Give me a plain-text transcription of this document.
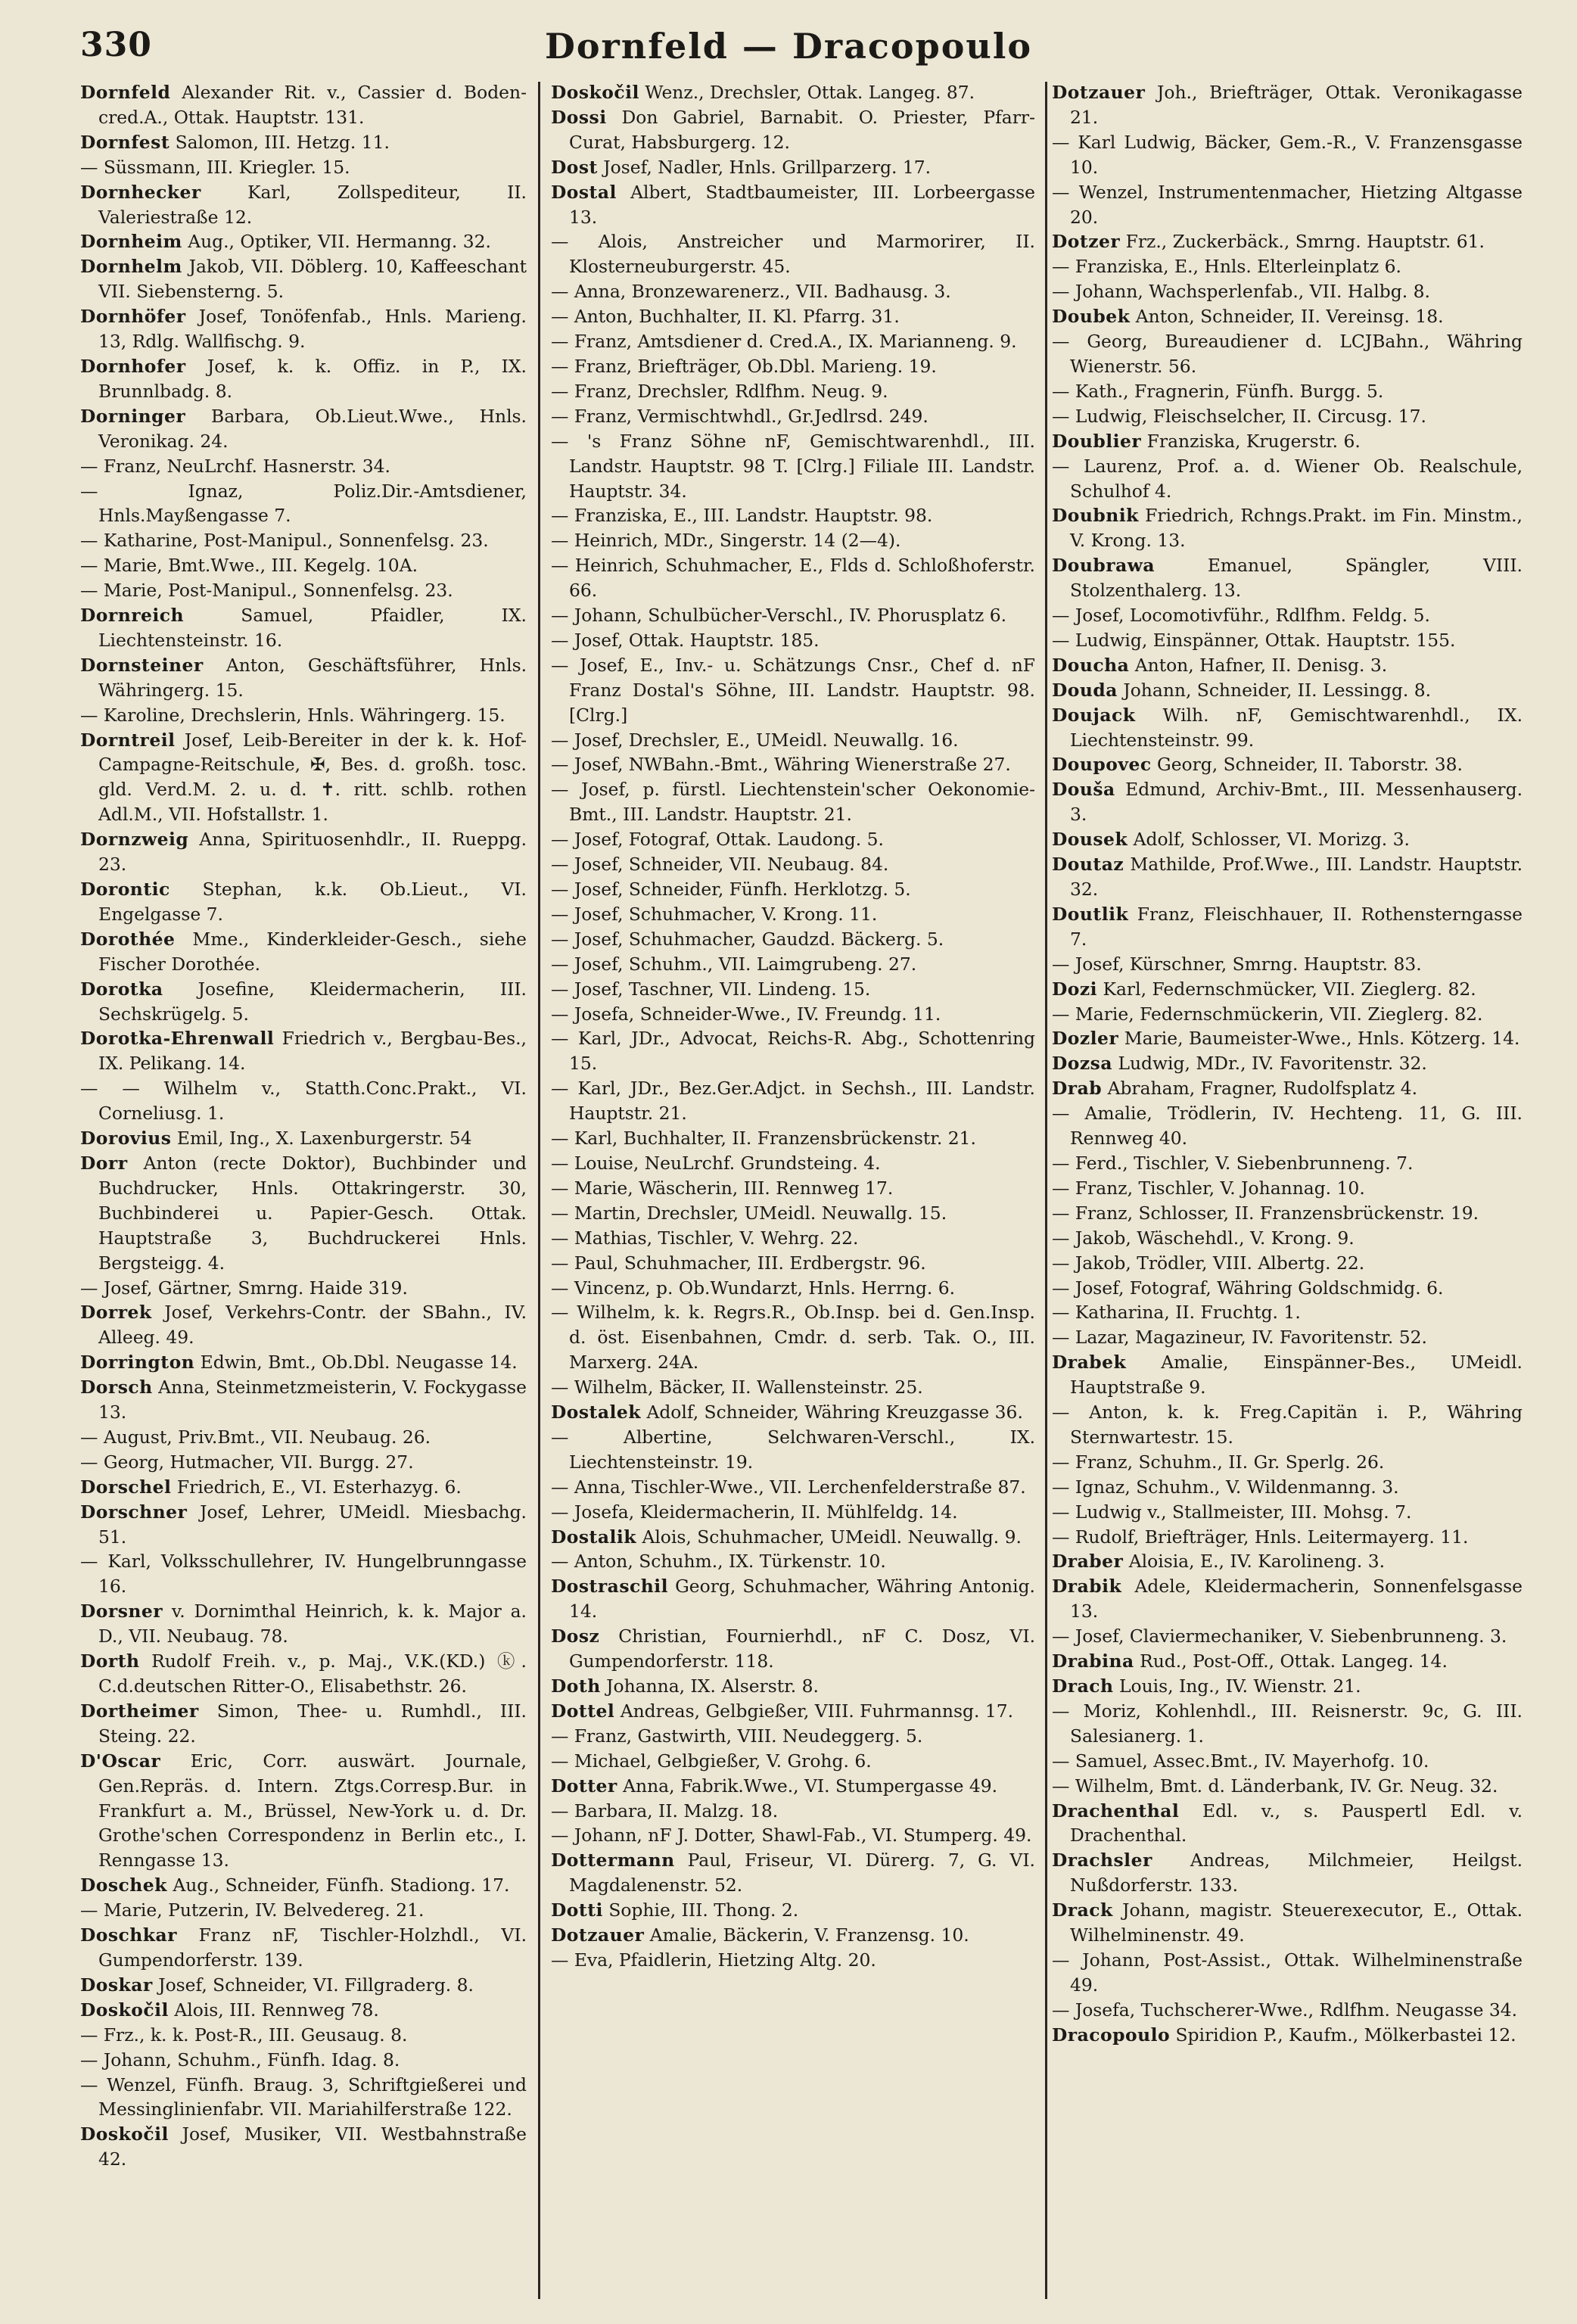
330	Dornfeld — Dracopoulo

Dornfeld Alexander Rit. v., Cassier d. Boden-cred.A., Ottak. Hauptstr. 131.

Dornfest Salomon, III. Hetzg. 11.

— Süssmann, III. Kriegler. 15.

Dornhecker	Karl, Zollspediteur, II. Valeriestraße 12.

Dornheim Aug., Optiker, VII. Hermanng. 32.

Dornhelm Jakob, VII. Döblerg. 10, Kaffeeschant VII. Siebensterng. 5.

Dornhöfer Josef, Tonöfenfab., Hnls. Marieng. 13, Rdlg. Wallfischg. 9.

Dornhofer Josef, k. k. Offiz. in P., IX. Brunnlbadg. 8.

Dorninger Barbara, Ob.Lieut.Wwe., Hnls. Veronikag. 24.

— Franz, NeuLrchf. Hasnerstr. 34.

— Ignaz, Poliz.Dir.-Amtsdiener, Hnls.Mayßengasse 7.

— Katharine, Post-Manipul., Sonnenfelsg. 23.

— Marie, Bmt.Wwe., III. Kegelg. 10A.

— Marie, Post-Manipul., Sonnenfelsg. 23.

Dornreich	Samuel, Pfaidler, IX. Liechtensteinstr. 16.

Dornsteiner Anton, Geschäftsführer, Hnls. Währingerg. 15.

— Karoline, Drechslerin, Hnls. Währingerg. 15.

Dorntreil Josef, Leib-Bereiter in der k. k. Hof-Campagne-Reitschule, ✠, Bes. d. großh. tosc. gld. Verd.M. 2. u. d. ✝. ritt. schlb. rothen Adl.M., VII. Hofstallstr. 1.

Dornzweig Anna, Spirituosenhdlr., II. Rueppg. 23.

Dorontic Stephan, k.k. Ob.Lieut., VI. Engelgasse 7.

Dorothée Mme., Kinderkleider-Gesch., siehe Fischer Dorothée.

Dorotka Josefine, Kleidermacherin, III. Sechskrügelg. 5.

Dorotka-Ehrenwall Friedrich v., Bergbau-Bes., IX. Pelikang. 14.

— — Wilhelm v., Statth.Conc.Prakt., VI. Corneliusg. 1.

Dorovius Emil, Ing., X. Laxenburgerstr. 54

Dorr Anton (recte Doktor), Buchbinder und Buchdrucker, Hnls. Ottakringerstr. 30, Buchbinderei u. Papier-Gesch. Ottak. Hauptstraße 3, Buchdruckerei Hnls. Bergsteigg. 4.

— Josef, Gärtner, Smrng. Haide 319.

Dorrek Josef, Verkehrs-Contr. der SBahn., IV. Alleeg. 49.

Dorrington Edwin, Bmt., Ob.Dbl. Neugasse 14.

Dorsch Anna, Steinmetzmeisterin, V. Fockygasse 13.

— August, Priv.Bmt., VII. Neubaug. 26.

— Georg, Hutmacher, VII. Burgg. 27.

Dorschel Friedrich, E., VI. Esterhazyg. 6.

Dorschner Josef, Lehrer, UMeidl. Miesbachg. 51.

— Karl, Volksschullehrer, IV. Hungelbrunngasse 16.

Dorsner v. Dornimthal Heinrich, k. k. Major a. D., VII. Neubaug. 78.

Dorth Rudolf Freih. v., p. Maj., V.K.(KD.) ⓚ. C.d.deutschen Ritter-O., Elisabethstr. 26.

Dortheimer Simon, Thee- u. Rumhdl., III. Steing. 22.

D'Oscar Eric, Corr. auswärt. Journale, Gen.Repräs. d. Intern. Ztgs.Corresp.Bur. in Frankfurt a. M., Brüssel, New-York u. d. Dr. Grothe'schen Correspondenz in Berlin etc., I. Renngasse 13.

Doschek Aug., Schneider, Fünfh. Stadiong. 17.

— Marie, Putzerin, IV. Belvedereg. 21.

Doschkar Franz nF, Tischler-Holzhdl., VI. Gumpendorferstr. 139.

Doskar Josef, Schneider, VI. Fillgraderg. 8.

Doskočil Alois, III. Rennweg 78.

— Frz., k. k. Post-R., III. Geusaug. 8.

— Johann, Schuhm., Fünfh. Idag. 8.

— Wenzel, Fünfh. Braug. 3, Schriftgießerei und Messinglinienfabr. VII. Mariahilferstraße 122.

Doskočil Josef, Musiker, VII. Westbahnstraße 42.

Doskočil Wenz., Drechsler, Ottak. Langeg. 87.

Dossi Don Gabriel, Barnabit. O. Priester, Pfarr-Curat, Habsburgerg. 12.

Dost Josef, Nadler, Hnls. Grillparzerg. 17.

Dostal Albert, Stadtbaumeister, III. Lorbeergasse 13.

— Alois, Anstreicher und Marmorirer, II. Klosterneuburgerstr. 45.

— Anna, Bronzewarenerz., VII. Badhausg. 3.

— Anton, Buchhalter, II. Kl. Pfarrg. 31.

— Franz, Amtsdiener d. Cred.A., IX. Marianneng. 9.

— Franz, Briefträger, Ob.Dbl. Marieng. 19.

— Franz, Drechsler, Rdlfhm. Neug. 9.

— Franz, Vermischtwhdl., Gr.Jedlrsd. 249.

— 's Franz Söhne nF, Gemischtwarenhdl., III. Landstr. Hauptstr. 98 T. [Clrg.] Filiale III. Landstr. Hauptstr. 34.

— Franziska, E., III. Landstr. Hauptstr. 98.

— Heinrich, MDr., Singerstr. 14 (2—4).

— Heinrich, Schuhmacher, E., Flds d. Schloßhoferstr. 66.

— Johann, Schulbücher-Verschl., IV. Phorusplatz 6.

— Josef, Ottak. Hauptstr. 185.

— Josef, E., Inv.- u. Schätzungs Cnsr., Chef d. nF Franz Dostal's Söhne, III. Landstr. Hauptstr. 98. [Clrg.]

— Josef, Drechsler, E., UMeidl. Neuwallg. 16.

— Josef, NWBahn.-Bmt., Währing Wienerstraße 27.

— Josef, p. fürstl. Liechtenstein'scher Oekonomie-Bmt., III. Landstr. Hauptstr. 21.

— Josef, Fotograf, Ottak. Laudong. 5.

— Josef, Schneider, VII. Neubaug. 84.

— Josef, Schneider, Fünfh. Herklotzg. 5.

— Josef, Schuhmacher, V. Krong. 11.

— Josef, Schuhmacher, Gaudzd. Bäckerg. 5.

— Josef, Schuhm., VII. Laimgrubeng. 27.

— Josef, Taschner, VII. Lindeng. 15.

— Josefa, Schneider-Wwe., IV. Freundg. 11.

— Karl, JDr., Advocat, Reichs-R. Abg., Schottenring 15.

— Karl, JDr., Bez.Ger.Adjct. in Sechsh., III. Landstr. Hauptstr. 21.

— Karl, Buchhalter, II. Franzensbrückenstr. 21.

— Louise, NeuLrchf. Grundsteing. 4.

— Marie, Wäscherin, III. Rennweg 17.

— Martin, Drechsler, UMeidl. Neuwallg. 15.

— Mathias, Tischler, V. Wehrg. 22.

— Paul, Schuhmacher, III. Erdbergstr. 96.

— Vincenz, p. Ob.Wundarzt, Hnls. Herrng. 6.

— Wilhelm, k. k. Regrs.R., Ob.Insp. bei d. Gen.Insp. d. öst. Eisenbahnen, Cmdr. d. serb. Tak. O., III. Marxerg. 24A.

— Wilhelm, Bäcker, II. Wallensteinstr. 25.

Dostalek Adolf, Schneider, Währing Kreuzgasse 36.

— Albertine, Selchwaren-Verschl., IX. Liechtensteinstr. 19.

— Anna, Tischler-Wwe., VII. Lerchenfelderstraße 87.

— Josefa, Kleidermacherin, II. Mühlfeldg. 14.

Dostalik Alois, Schuhmacher, UMeidl. Neuwallg. 9.

— Anton, Schuhm., IX. Türkenstr. 10.

Dostraschil Georg, Schuhmacher, Währing Antonig. 14.

Dosz Christian, Fournierhdl., nF C. Dosz, VI. Gumpendorferstr. 118.

Doth Johanna, IX. Alserstr. 8.

Dottel Andreas, Gelbgießer, VIII. Fuhrmannsg. 17.

— Franz, Gastwirth, VIII. Neudeggerg. 5.

— Michael, Gelbgießer, V. Grohg. 6.

Dotter Anna, Fabrik.Wwe., VI. Stumpergasse 49.

— Barbara, II. Malzg. 18.

— Johann, nF J. Dotter, Shawl-Fab., VI. Stumperg. 49.

Dottermann Paul, Friseur, VI. Dürerg. 7, G. VI. Magdalenenstr. 52.

Dotti Sophie, III. Thong. 2.

Dotzauer Amalie, Bäckerin, V. Franzensg. 10.

— Eva, Pfaidlerin, Hietzing Altg. 20.

Dotzauer Joh., Briefträger, Ottak. Veronikagasse 21.

— Karl Ludwig, Bäcker, Gem.-R., V. Franzensgasse 10.

— Wenzel, Instrumentenmacher, Hietzing Altgasse 20.

Dotzer Frz., Zuckerbäck., Smrng. Hauptstr. 61.

— Franziska, E., Hnls. Elterleinplatz 6.

— Johann, Wachsperlenfab., VII. Halbg. 8.

Doubek Anton, Schneider, II. Vereinsg. 18.

— Georg, Bureaudiener d. LCJBahn., Währing Wienerstr. 56.

— Kath., Fragnerin, Fünfh. Burgg. 5.

— Ludwig, Fleischselcher, II. Circusg. 17.

Doublier Franziska, Krugerstr. 6.

— Laurenz, Prof. a. d. Wiener Ob. Realschule, Schulhof 4.

Doubnik Friedrich, Rchngs.Prakt. im Fin. Minstm., V. Krong. 13.

Doubrawa	Emanuel, Spängler, VIII. Stolzenthalerg. 13.

— Josef, Locomotivführ., Rdlfhm. Feldg. 5.

— Ludwig, Einspänner, Ottak. Hauptstr. 155.

Doucha Anton, Hafner, II. Denisg. 3.

Douda Johann, Schneider, II. Lessingg. 8.

Doujack Wilh. nF, Gemischtwarenhdl., IX. Liechtensteinstr. 99.

Doupovec Georg, Schneider, II. Taborstr. 38.

Douša Edmund, Archiv-Bmt., III. Messenhauserg. 3.

Dousek Adolf, Schlosser, VI. Morizg. 3.

Doutaz Mathilde, Prof.Wwe., III. Landstr. Hauptstr. 32.

Doutlik Franz, Fleischhauer, II. Rothensterngasse 7.

— Josef, Kürschner, Smrng. Hauptstr. 83.

Dozi Karl, Federnschmücker, VII. Zieglerg. 82.

— Marie, Federnschmückerin, VII. Zieglerg. 82.

Dozler Marie, Baumeister-Wwe., Hnls. Kötzerg. 14.

Dozsa Ludwig, MDr., IV. Favoritenstr. 32.

Drab Abraham, Fragner, Rudolfsplatz 4.

— Amalie, Trödlerin, IV. Hechteng. 11, G. III. Rennweg 40.

— Ferd., Tischler, V. Siebenbrunneng. 7.

— Franz, Tischler, V. Johannag. 10.

— Franz, Schlosser, II. Franzensbrückenstr. 19.

— Jakob, Wäschehdl., V. Krong. 9.

— Jakob, Trödler, VIII. Albertg. 22.

— Josef, Fotograf, Währing Goldschmidg. 6.

— Katharina, II. Fruchtg. 1.

— Lazar, Magazineur, IV. Favoritenstr. 52.

Drabek Amalie, Einspänner-Bes., UMeidl. Hauptstraße 9.

— Anton, k. k. Freg.Capitän i. P., Währing Sternwartestr. 15.

— Franz, Schuhm., II. Gr. Sperlg. 26.

— Ignaz, Schuhm., V. Wildenmanng. 3.

— Ludwig v., Stallmeister, III. Mohsg. 7.

— Rudolf, Briefträger, Hnls. Leitermayerg. 11.

Draber Aloisia, E., IV. Karolineng. 3.

Drabik Adele, Kleidermacherin, Sonnenfelsgasse 13.

— Josef, Claviermechaniker, V. Siebenbrunneng. 3.

Drabina Rud., Post-Off., Ottak. Langeg. 14.

Drach Louis, Ing., IV. Wienstr. 21.

— Moriz, Kohlenhdl., III. Reisnerstr. 9c, G. III. Salesianerg. 1.

— Samuel, Assec.Bmt., IV. Mayerhofg. 10.

— Wilhelm, Bmt. d. Länderbank, IV. Gr. Neug. 32.

Drachenthal Edl. v., s. Pauspertl Edl. v. Drachenthal.

Drachsler Andreas, Milchmeier, Heilgst. Nußdorferstr. 133.

Drack Johann, magistr. Steuerexecutor, E., Ottak. Wilhelminenstr. 49.

— Johann, Post-Assist., Ottak. Wilhelminenstraße 49.

— Josefa, Tuchscherer-Wwe., Rdlfhm. Neugasse 34.

Dracopoulo Spiridion P., Kaufm., Mölkerbastei 12.
